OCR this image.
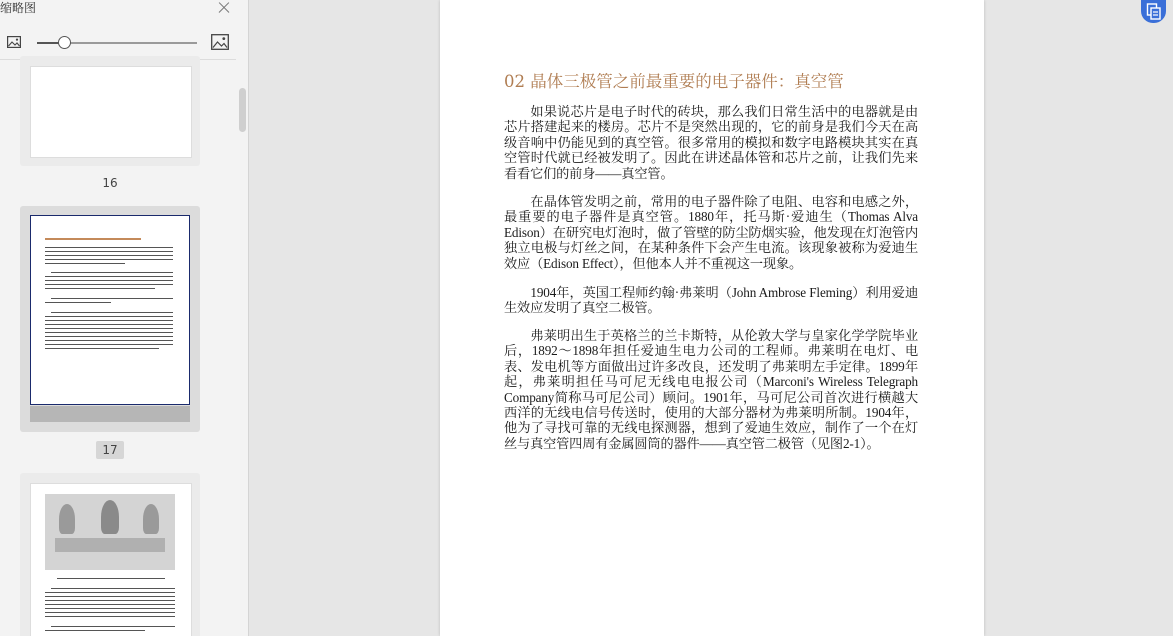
缩略图
16
17
02 晶体三极管之前最重要的电子器件：真空管

如果说芯片是电子时代的砖块，那么我们日常生活中的电器就是由芯片搭建起来的楼房。芯片不是突然出现的，它的前身是我们今天在高级音响中仍能见到的真空管。很多常用的模拟和数字电路模块其实在真空管时代就已经被发明了。因此在讲述晶体管和芯片之前，让我们先来看看它们的前身——真空管。

在晶体管发明之前，常用的电子器件除了电阻、电容和电感之外，最重要的电子器件是真空管。1880年，托马斯·爱迪生（Thomas Alva Edison）在研究电灯泡时，做了管壁的防尘防烟实验，他发现在灯泡管内独立电极与灯丝之间，在某种条件下会产生电流。该现象被称为爱迪生效应（Edison Effect），但他本人并不重视这一现象。

1904年，英国工程师约翰·弗莱明（John Ambrose Fleming）利用爱迪生效应发明了真空二极管。

弗莱明出生于英格兰的兰卡斯特，从伦敦大学与皇家化学学院毕业后，1892～1898年担任爱迪生电力公司的工程师。弗莱明在电灯、电表、发电机等方面做出过许多改良，还发明了弗莱明左手定律。1899年起，弗莱明担任马可尼无线电电报公司（Marconi's Wireless Telegraph Company简称马可尼公司）顾问。1901年，马可尼公司首次进行横越大西洋的无线电信号传送时，使用的大部分器材为弗莱明所制。1904年，他为了寻找可靠的无线电探测器，想到了爱迪生效应，制作了一个在灯丝与真空管四周有金属圆筒的器件——真空管二极管（见图2-1）。
